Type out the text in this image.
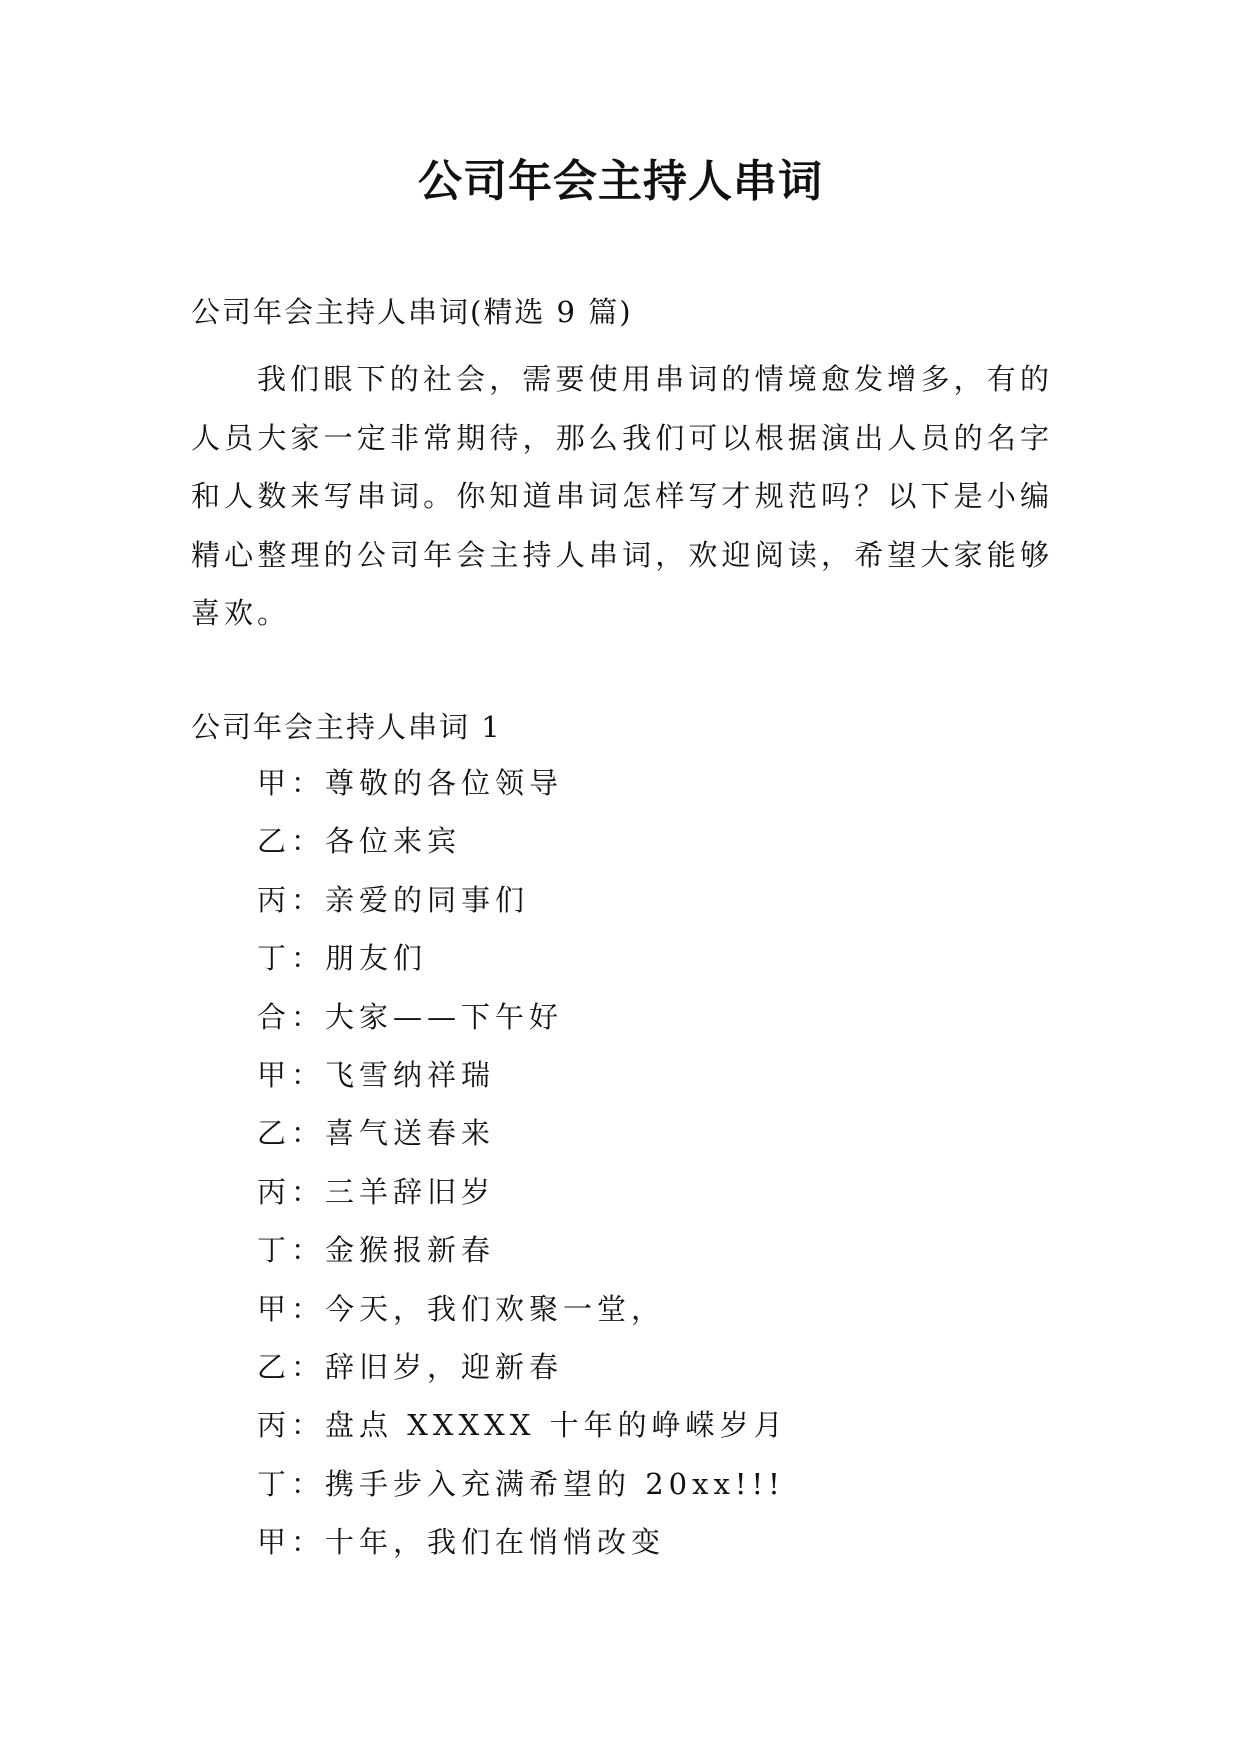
公司年会主持人串词

公司年会主持人串词(精选 9 篇)

我们眼下的社会，需要使用串词的情境愈发增多，有的人员大家一定非常期待，那么我们可以根据演出人员的名字和人数来写串词。你知道串词怎样写才规范吗？以下是小编精心整理的公司年会主持人串词，欢迎阅读，希望大家能够喜欢。

公司年会主持人串词 1

甲：尊敬的各位领导
乙：各位来宾
丙：亲爱的同事们
丁：朋友们
合：大家——下午好
甲：飞雪纳祥瑞
乙：喜气送春来
丙：三羊辞旧岁
丁：金猴报新春
甲：今天，我们欢聚一堂，
乙：辞旧岁，迎新春
丙：盘点 XXXXX 十年的峥嵘岁月
丁：携手步入充满希望的 20xx!!!
甲：十年，我们在悄悄改变
